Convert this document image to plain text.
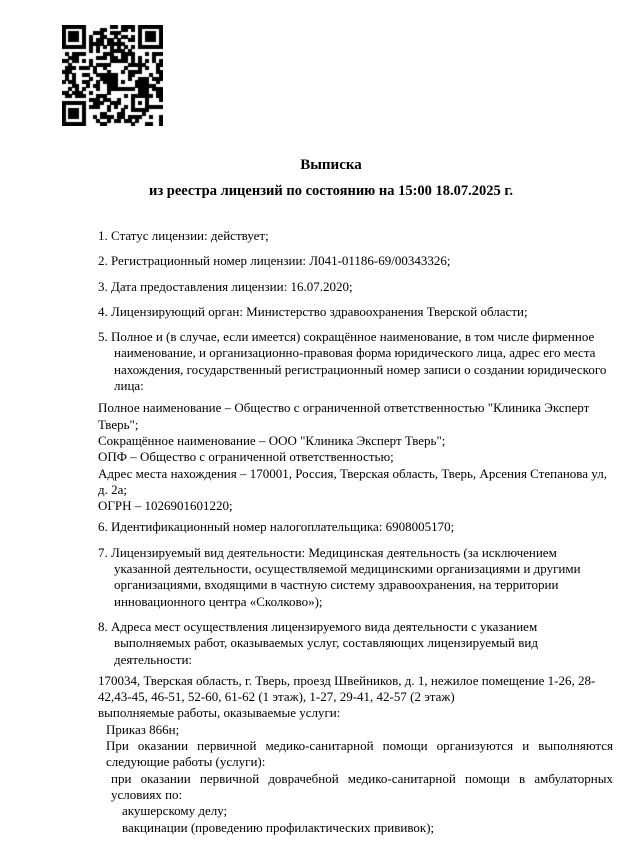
Выписка
из реестра лицензий по состоянию на 15:00 18.07.2025 г.

1. Статус лицензии: действует;

2. Регистрационный номер лицензии: Л041-01186-69/00343326;

3. Дата предоставления лицензии: 16.07.2020;

4. Лицензирующий орган: Министерство здравоохранения Тверской области;

5. Полное и (в случае, если имеется) сокращённое наименование, в том числе фирменное наименование, и организационно-правовая форма юридического лица, адрес его места нахождения, государственный регистрационный номер записи о создании юридического лица:

Полное наименование – Общество с ограниченной ответственностью "Клиника Эксперт Тверь";

Сокращённое наименование – ООО "Клиника Эксперт Тверь";

ОПФ – Общество с ограниченной ответственностью;

Адрес места нахождения – 170001, Россия, Тверская область, Тверь, Арсения Степанова ул, д. 2а;

ОГРН – 1026901601220;

6. Идентификационный номер налогоплательщика: 6908005170;

7. Лицензируемый вид деятельности: Медицинская деятельность (за исключением указанной деятельности, осуществляемой медицинскими организациями и другими организациями, входящими в частную систему здравоохранения, на территории инновационного центра «Сколково»);

8. Адреса мест осуществления лицензируемого вида деятельности с указанием выполняемых работ, оказываемых услуг, составляющих лицензируемый вид деятельности:

170034, Тверская область, г. Тверь, проезд Швейников, д. 1, нежилое помещение 1-26, 28-42,43-45, 46-51, 52-60, 61-62 (1 этаж), 1-27, 29-41, 42-57 (2 этаж)

выполняемые работы, оказываемые услуги:

Приказ 866н;

При оказании первичной медико-санитарной помощи организуются и выполняются следующие работы (услуги):

при оказании первичной доврачебной медико-санитарной помощи в амбулаторных условиях по:

акушерскому делу;

вакцинации (проведению профилактических прививок);
